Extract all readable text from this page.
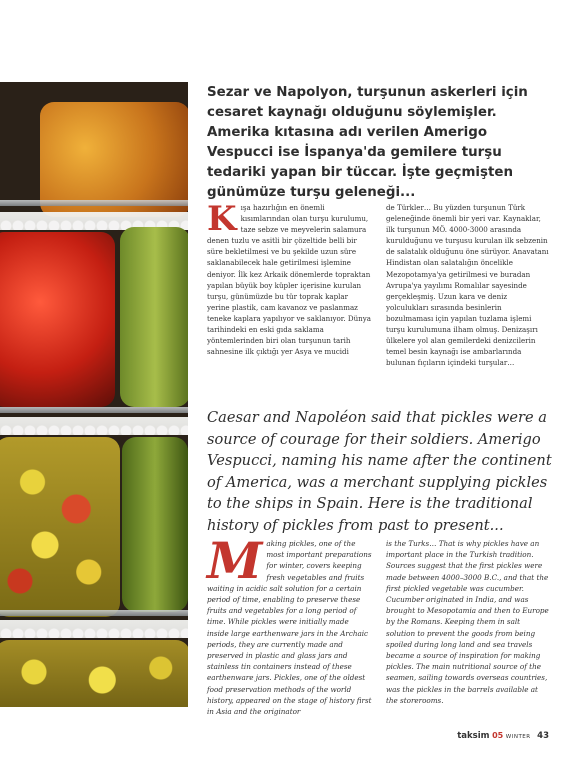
Sezar ve Napolyon, turşunun askerleri için cesaret kaynağı olduğunu söylemişler. Amerika kıtasına adı verilen Amerigo Vespucci ise İspanya'da gemilere turşu tedariki yapan bir tüccar. İşte geçmişten günümüze turşu geleneği...

Kışa hazırlığın en önemli kısımlarından olan turşu kurulumu, taze sebze ve meyvelerin salamura denen tuzlu ve asitli bir çözeltide belli bir süre bekletilmesi ve bu şekilde uzun süre saklanabilecek hale getirilmesi işlemine deniyor. İlk kez Arkaik dönemlerde topraktan yapılan büyük boy küpler içerisine kurulan turşu, günümüzde bu tür toprak kaplar yerine plastik, cam kavanoz ve paslanmaz teneke kaplara yapılıyor ve saklanıyor. Dünya tarihindeki en eski gıda saklama yöntemlerinden biri olan turşunun tarih sahnesine ilk çıktığı yer Asya ve mucidi

de Türkler… Bu yüzden turşunun Türk geleneğinde önemli bir yeri var. Kaynaklar, ilk turşunun MÖ. 4000-3000 arasında kurulduğunu ve turşusu kurulan ilk sebzenin de salatalık olduğunu öne sürüyor. Anavatanı Hindistan olan salatalığın öncelikle Mezopotamya'ya getirilmesi ve buradan Avrupa'ya yayılımı Romalılar sayesinde gerçekleşmiş. Uzun kara ve deniz yolculukları sırasında besinlerin bozulmaması için yapılan tuzlama işlemi turşu kurulumuna ilham olmuş. Denizaşırı ülkelere yol alan gemilerdeki denizcilerin temel besin kaynağı ise ambarlarında bulunan fıçıların içindeki turşular…

Caesar and Napoléon said that pickles were a source of courage for their soldiers. Amerigo Vespucci, naming his name after the continent of America, was a merchant supplying pickles to the ships in Spain. Here is the traditional history of pickles from past to present...

Making pickles, one of the most important preparations for winter, covers keeping fresh vegetables and fruits waiting in acidic salt solution for a certain period of time, enabling to preserve these fruits and vegetables for a long period of time. While pickles were initially made inside large earthenware jars in the Archaic periods, they are currently made and preserved in plastic and glass jars and stainless tin containers instead of these earthenware jars. Pickles, one of the oldest food preservation methods of the world history, appeared on the stage of history first in Asia and the originator

is the Turks… That is why pickles have an important place in the Turkish tradition. Sources suggest that the first pickles were made between 4000–3000 B.C., and that the first pickled vegetable was cucumber. Cucumber originated in India, and was brought to Mesopotamia and then to Europe by the Romans. Keeping them in salt solution to prevent the goods from being spoiled during long land and sea travels became a source of inspiration for making pickles. The main nutritional source of the seamen, sailing towards overseas countries, was the pickles in the barrels available at the storerooms.

taksim 05 WINTER 43
